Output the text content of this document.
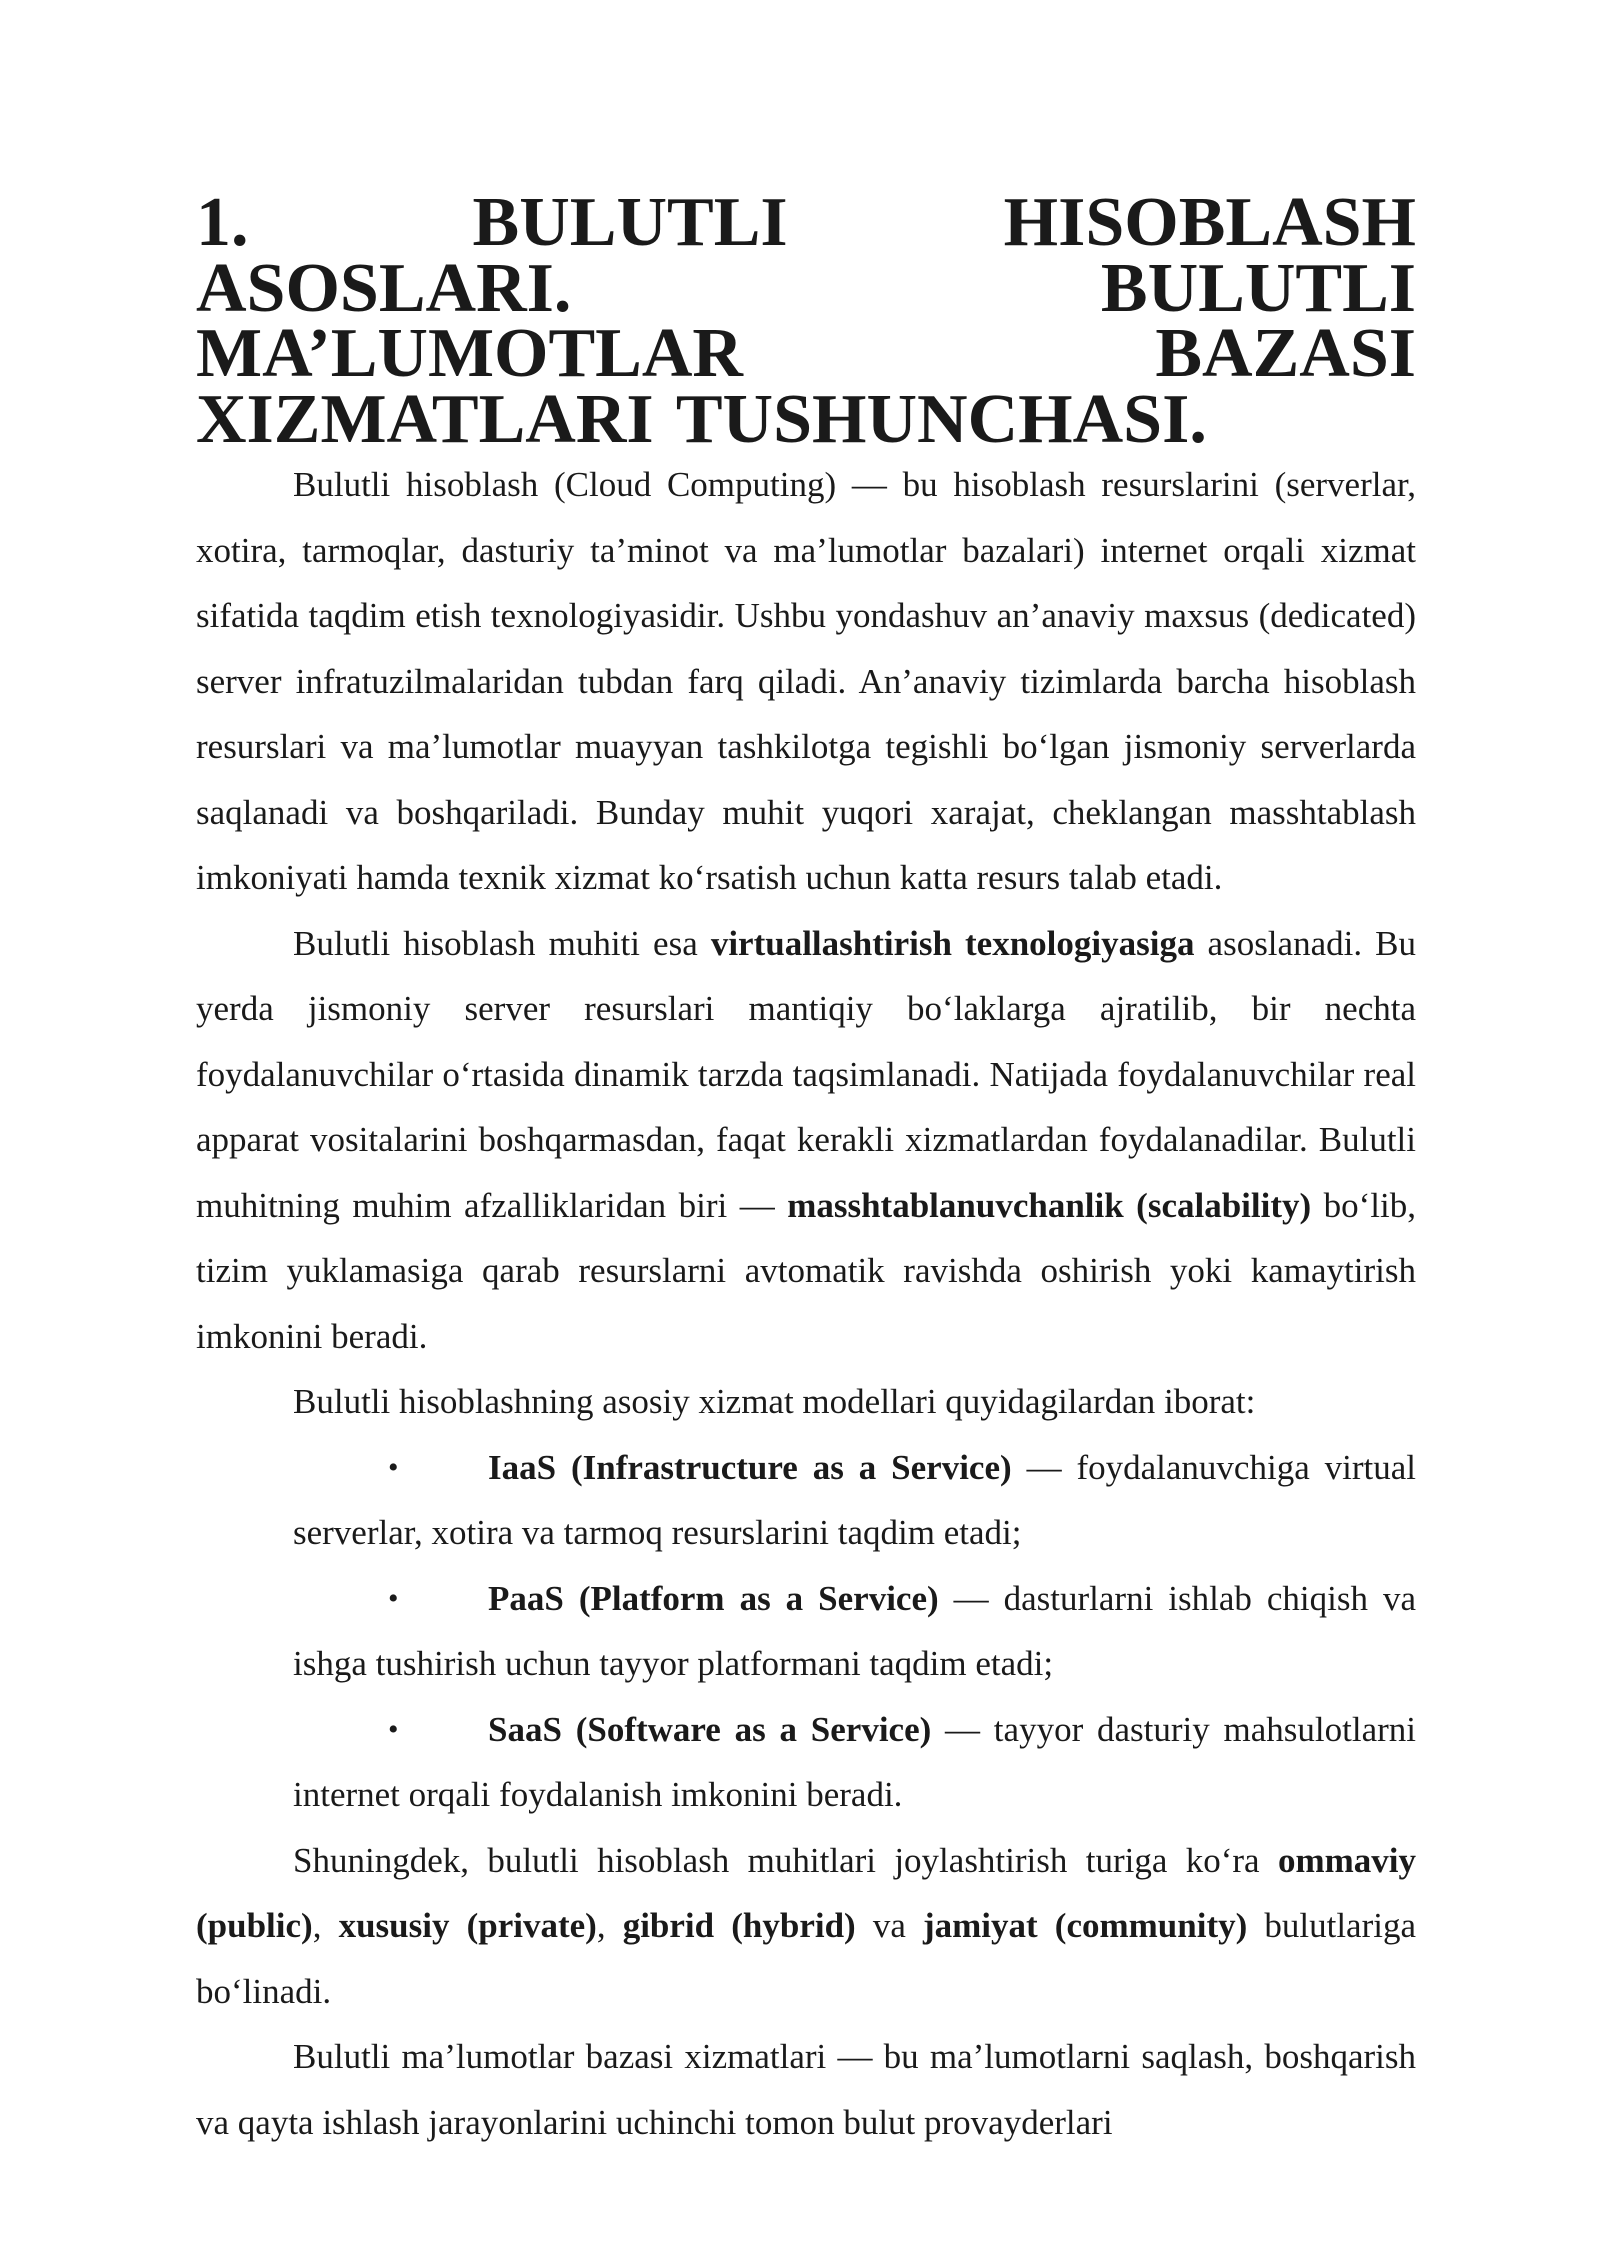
1.	BULUTLI HISOBLASH ASOSLARI. BULUTLI MA’LUMOTLAR BAZASI XIZMATLARI TUSHUNCHASI.

Bulutli hisoblash (Cloud Computing) — bu hisoblash resurslarini (serverlar, xotira, tarmoqlar, dasturiy ta’minot va ma’lumotlar bazalari) internet orqali xizmat sifatida taqdim etish texnologiyasidir. Ushbu yondashuv an’anaviy maxsus (dedicated) server infratuzilmalaridan tubdan farq qiladi. An’anaviy tizimlarda barcha hisoblash resurslari va ma’lumotlar muayyan tashkilotga tegishli bo‘lgan jismoniy serverlarda saqlanadi va boshqariladi. Bunday muhit yuqori xarajat, cheklangan masshtablash imkoniyati hamda texnik xizmat ko‘rsatish uchun katta resurs talab etadi.

Bulutli hisoblash muhiti esa virtuallashtirish texnologiyasiga asoslanadi. Bu yerda jismoniy server resurslari mantiqiy bo‘laklarga ajratilib, bir nechta foydalanuvchilar o‘rtasida dinamik tarzda taqsimlanadi. Natijada foydalanuvchilar real apparat vositalarini boshqarmasdan, faqat kerakli xizmatlardan foydalanadilar. Bulutli muhitning muhim afzalliklaridan biri — masshtablanuvchanlik (scalability) bo‘lib, tizim yuklamasiga qarab resurslarni avtomatik ravishda oshirish yoki kamaytirish imkonini beradi.

Bulutli hisoblashning asosiy xizmat modellari quyidagilardan iborat:

•	IaaS (Infrastructure as a Service) — foydalanuvchiga virtual serverlar, xotira va tarmoq resurslarini taqdim etadi;
•	PaaS (Platform as a Service) — dasturlarni ishlab chiqish va ishga tushirish uchun tayyor platformani taqdim etadi;
•	SaaS (Software as a Service) — tayyor dasturiy mahsulotlarni internet orqali foydalanish imkonini beradi.

Shuningdek, bulutli hisoblash muhitlari joylashtirish turiga ko‘ra ommaviy (public), xususiy (private), gibrid (hybrid) va jamiyat (community) bulutlariga bo‘linadi.

Bulutli ma’lumotlar bazasi xizmatlari — bu ma’lumotlarni saqlash, boshqarish va qayta ishlash jarayonlarini uchinchi tomon bulut provayderlari
